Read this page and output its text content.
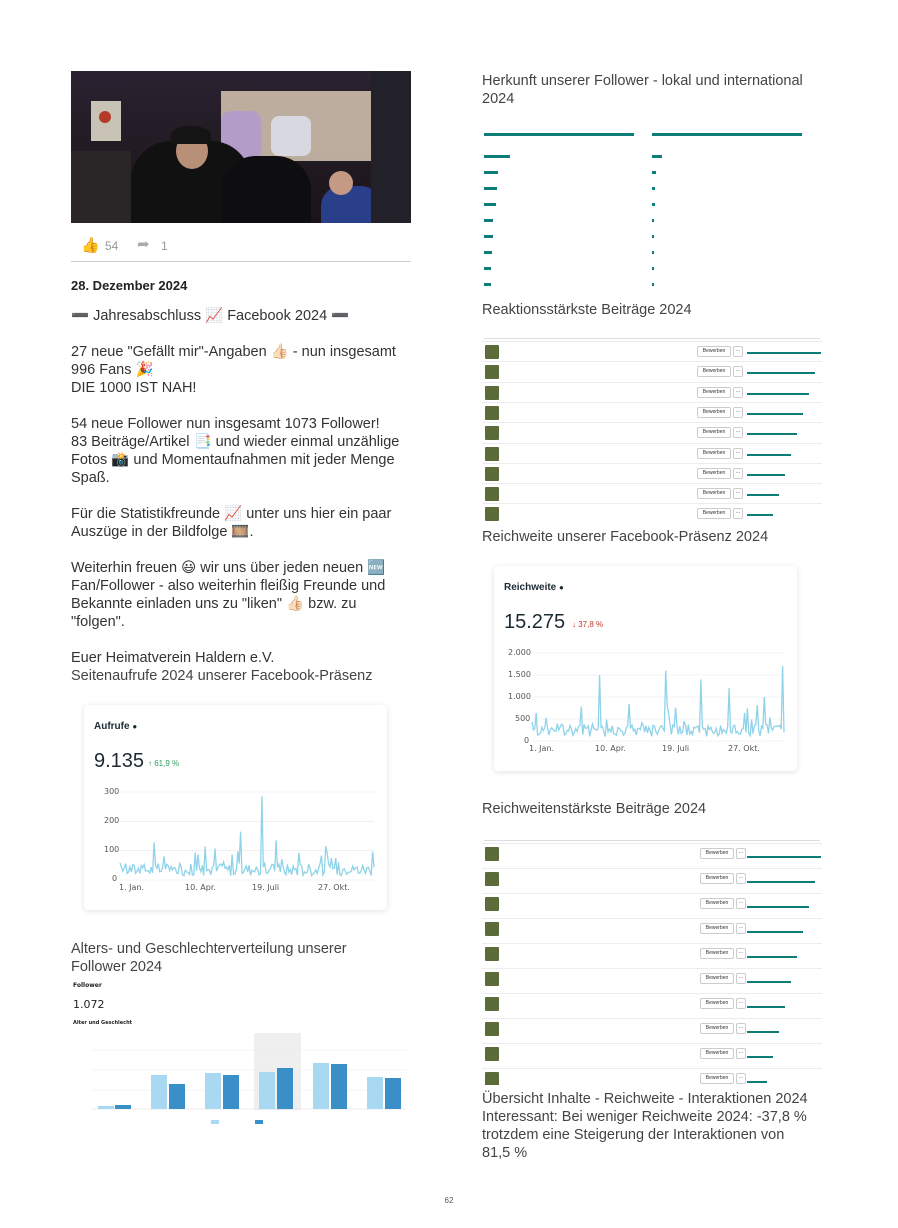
👍 54 ➦ 1
28. Dezember 2024
➖ Jahresabschluss 📈 Facebook 2024 ➖
27 neue "Gefällt mir"-Angaben 👍🏻 - nun insgesamt
996 Fans 🎉
DIE 1000 IST NAH!
54 neue Follower nun insgesamt 1073 Follower!
83 Beiträge/Artikel 📑 und wieder einmal unzählige
Fotos 📸 und Momentaufnahmen mit jeder Menge
Spaß.
Für die Statistikfreunde 📈 unter uns hier ein paar
Auszüge in der Bildfolge 🎞️.
Weiterhin freuen 😃 wir uns über jeden neuen 🆕
Fan/Follower - also weiterhin fleißig Freunde und
Bekannte einladen uns zu "liken" 👍🏻 bzw. zu
"folgen".
Euer Heimatverein Haldern e.V.
Seitenaufrufe 2024 unserer Facebook-Präsenz
Aufrufe ●
9.135 ↑ 61,9 %
300
200
100
0
1. Jan.	10. Apr.	19. Juli	27. Okt.
Alters- und Geschlechterverteilung unserer
Follower 2024
Follower
1.072
Alter und Geschlecht
Herkunft unserer Follower - lokal und international
2024
Reaktionsstärkste Beiträge 2024
Bewerben	···
Bewerben	···
Bewerben	···
Bewerben	···
Bewerben	···
Bewerben	···
Bewerben	···
Bewerben	···
Bewerben	···
Reichweite unserer Facebook-Präsenz 2024
Reichweite ●
15.275 ↓ 37,8 %
2.000
1.500
1.000
500
0
1. Jan.	10. Apr.	19. Juli	27. Okt.
Reichweitenstärkste Beiträge 2024
Bewerben	···
Bewerben	···
Bewerben	···
Bewerben	···
Bewerben	···
Bewerben	···
Bewerben	···
Bewerben	···
Bewerben	···
Bewerben	···
Übersicht Inhalte - Reichweite - Interaktionen 2024
Interessant: Bei weniger Reichweite 2024: -37,8 %
trotzdem eine Steigerung der Interaktionen von
81,5 %
62
